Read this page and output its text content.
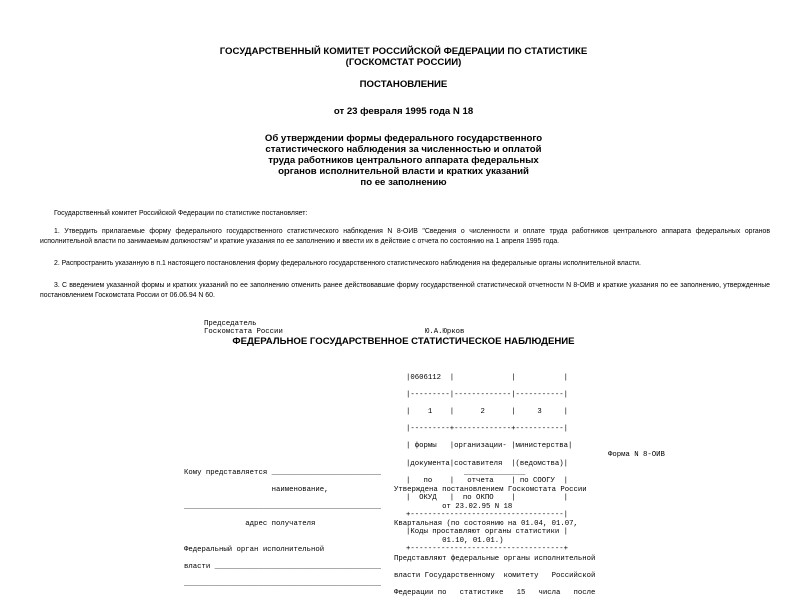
ГОСУДАРСТВЕННЫЙ КОМИТЕТ РОССИЙСКОЙ ФЕДЕРАЦИИ ПО СТАТИСТИКЕ
(ГОСКОМСТАТ РОССИИ)
ПОСТАНОВЛЕНИЕ
от 23 февраля 1995 года N 18
Об утверждении формы федерального государственного
статистического наблюдения за численностью и оплатой
труда работников центрального аппарата федеральных
органов исполнительной власти и кратких указаний
по ее заполнению
Государственный комитет Российской Федерации по статистике постановляет:
1. Утвердить прилагаемые форму федерального государственного статистического наблюдения N 8-ОИВ "Сведения о численности и оплате труда работников центрального аппарата федеральных органов исполнительной власти по занимаемым должностям" и краткие указания по ее заполнению и ввести их в действие с отчета по состоянию на 1 апреля 1995 года.
2. Распространить указанную в п.1 настоящего постановления форму федерального государственного статистического наблюдения на федеральные органы исполнительной власти.
3. С введением указанной формы и кратких указаний по ее заполнению отменить ранее действовавшие форму государственной статистической отчетности N 8-ОИВ и краткие указания по ее заполнению, утвержденные постановлением Госкомстата России от 06.06.94 N 60.
Председатель
Госкомстата России	Ю.А.Юрков
ФЕДЕРАЛЬНОЕ ГОСУДАРСТВЕННОЕ СТАТИСТИЧЕСКОЕ НАБЛЮДЕНИЕ

|0606112  |             |           |

|---------|-------------|-----------|

|    1    |      2      |     3     |

|---------+-------------+-----------|

| формы   |организации- |министерства|

|документа|составителя  |(ведомства)|

|   по    |   отчета    | по СООГУ  |

|  ОКУД   |  по ОКПО    |           |

+-----------------------------------|

|Коды проставляют органы статистики |

+-----------------------------------+

Форма N 8-ОИВ

Кому представляется _________________________

наименование,

_____________________________________________

адрес получателя

Федеральный орган исполнительной

власти ______________________________________

_____________________________________________

______________

Утверждена постановлением Госкомстата России

от 23.02.95 N 18

Квартальная (по состоянию на 01.04, 01.07,

01.10, 01.01.)

Представляют федеральные органы исполнительной

власти Государственному  комитету   Российской

Федерации по   статистике   15   числа   после
